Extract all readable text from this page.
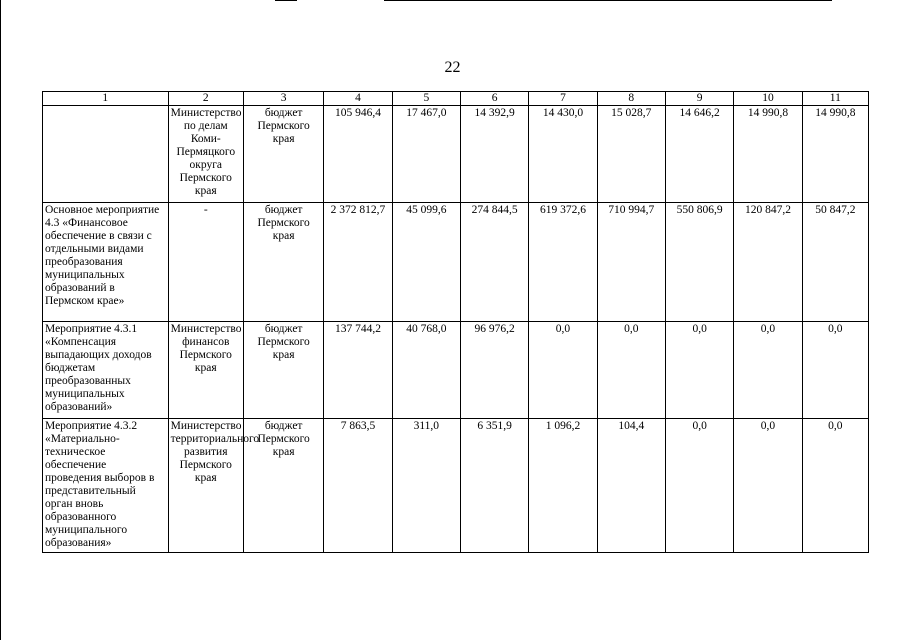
22
1	2	3	4	5	6	7	8	9	10	11
	Министерство по делам Коми-Пермяцкого округа Пермского края	бюджет Пермского края	105 946,4	17 467,0	14 392,9	14 430,0	15 028,7	14 646,2	14 990,8	14 990,8
Основное мероприятие 4.3 «Финансовое обеспечение в связи с отдельными видами преобразования муниципальных образований в Пермском крае»	-	бюджет Пермского края	2 372 812,7	45 099,6	274 844,5	619 372,6	710 994,7	550 806,9	120 847,2	50 847,2
Мероприятие 4.3.1 «Компенсация выпадающих доходов бюджетам преобразованных муниципальных образований»	Министерство финансов Пермского края	бюджет Пермского края	137 744,2	40 768,0	96 976,2	0,0	0,0	0,0	0,0	0,0
Мероприятие 4.3.2 «Материально-техническое обеспечение проведения выборов в представительный орган вновь образованного муниципального образования»	Министерство территориального развития Пермского края	бюджет Пермского края	7 863,5	311,0	6 351,9	1 096,2	104,4	0,0	0,0	0,0
